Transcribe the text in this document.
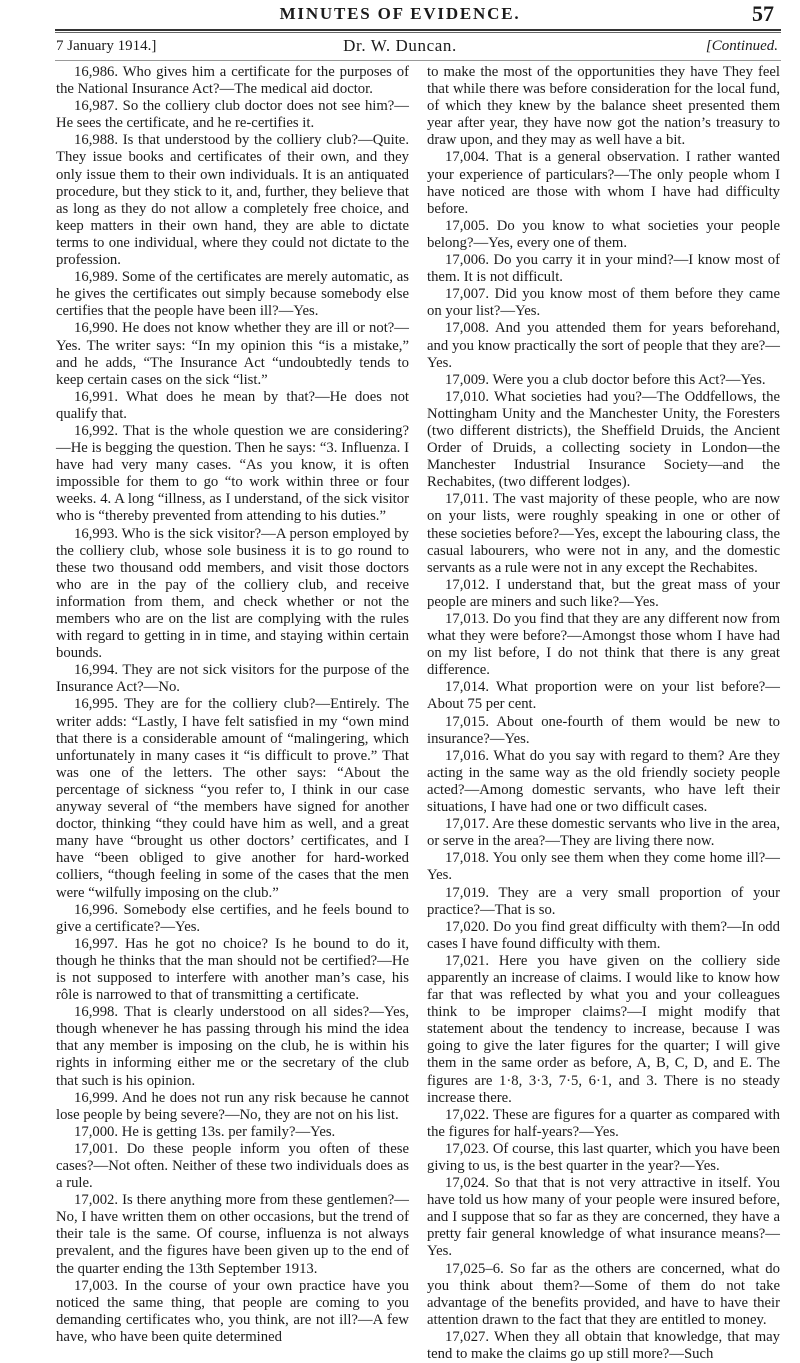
MINUTES OF EVIDENCE.	57
7 January 1914.]	Dr. W. Duncan.	[Continued.

16,986. Who gives him a certificate for the purposes of the National Insurance Act?—The medical aid doctor.

16,987. So the colliery club doctor does not see him?—He sees the certificate, and he re-certifies it.

16,988. Is that understood by the colliery club?—Quite. They issue books and certificates of their own, and they only issue them to their own individuals. It is an antiquated procedure, but they stick to it, and, further, they believe that as long as they do not allow a completely free choice, and keep matters in their own hand, they are able to dictate terms to one individual, where they could not dictate to the profession.

16,989. Some of the certificates are merely automatic, as he gives the certificates out simply because somebody else certifies that the people have been ill?—Yes.

16,990. He does not know whether they are ill or not?—Yes. The writer says: “In my opinion this “is a mistake,” and he adds, “The Insurance Act “undoubtedly tends to keep certain cases on the sick “list.”

16,991. What does he mean by that?—He does not qualify that.

16,992. That is the whole question we are considering?—He is begging the question. Then he says: “3. Influenza. I have had very many cases. “As you know, it is often impossible for them to go “to work within three or four weeks. 4. A long “illness, as I understand, of the sick visitor who is “thereby prevented from attending to his duties.”

16,993. Who is the sick visitor?—A person employed by the colliery club, whose sole business it is to go round to these two thousand odd members, and visit those doctors who are in the pay of the colliery club, and receive information from them, and check whether or not the members who are on the list are complying with the rules with regard to getting in in time, and staying within certain bounds.

16,994. They are not sick visitors for the purpose of the Insurance Act?—No.

16,995. They are for the colliery club?—Entirely. The writer adds: “Lastly, I have felt satisfied in my “own mind that there is a considerable amount of “malingering, which unfortunately in many cases it “is difficult to prove.” That was one of the letters. The other says: “About the percentage of sickness “you refer to, I think in our case anyway several of “the members have signed for another doctor, thinking “they could have him as well, and a great many have “brought us other doctors’ certificates, and I have “been obliged to give another for hard-worked colliers, “though feeling in some of the cases that the men were “wilfully imposing on the club.”

16,996. Somebody else certifies, and he feels bound to give a certificate?—Yes.

16,997. Has he got no choice? Is he bound to do it, though he thinks that the man should not be certified?—He is not supposed to interfere with another man’s case, his rôle is narrowed to that of transmitting a certificate.

16,998. That is clearly understood on all sides?—Yes, though whenever he has passing through his mind the idea that any member is imposing on the club, he is within his rights in informing either me or the secretary of the club that such is his opinion.

16,999. And he does not run any risk because he cannot lose people by being severe?—No, they are not on his list.

17,000. He is getting 13s. per family?—Yes.

17,001. Do these people inform you often of these cases?—Not often. Neither of these two individuals does as a rule.

17,002. Is there anything more from these gentlemen?—No, I have written them on other occasions, but the trend of their tale is the same. Of course, influenza is not always prevalent, and the figures have been given up to the end of the quarter ending the 13th September 1913.

17,003. In the course of your own practice have you noticed the same thing, that people are coming to you demanding certificates who, you think, are not ill?—A few have, who have been quite determined

to make the most of the opportunities they have They feel that while there was before consideration for the local fund, of which they knew by the balance sheet presented them year after year, they have now got the nation’s treasury to draw upon, and they may as well have a bit.

17,004. That is a general observation. I rather wanted your experience of particulars?—The only people whom I have noticed are those with whom I have had difficulty before.

17,005. Do you know to what societies your people belong?—Yes, every one of them.

17,006. Do you carry it in your mind?—I know most of them. It is not difficult.

17,007. Did you know most of them before they came on your list?—Yes.

17,008. And you attended them for years beforehand, and you know practically the sort of people that they are?—Yes.

17,009. Were you a club doctor before this Act?—Yes.

17,010. What societies had you?—The Oddfellows, the Nottingham Unity and the Manchester Unity, the Foresters (two different districts), the Sheffield Druids, the Ancient Order of Druids, a collecting society in London—the Manchester Industrial Insurance Society—and the Rechabites, (two different lodges).

17,011. The vast majority of these people, who are now on your lists, were roughly speaking in one or other of these societies before?—Yes, except the labouring class, the casual labourers, who were not in any, and the domestic servants as a rule were not in any except the Rechabites.

17,012. I understand that, but the great mass of your people are miners and such like?—Yes.

17,013. Do you find that they are any different now from what they were before?—Amongst those whom I have had on my list before, I do not think that there is any great difference.

17,014. What proportion were on your list before?—About 75 per cent.

17,015. About one-fourth of them would be new to insurance?—Yes.

17,016. What do you say with regard to them? Are they acting in the same way as the old friendly society people acted?—Among domestic servants, who have left their situations, I have had one or two difficult cases.

17,017. Are these domestic servants who live in the area, or serve in the area?—They are living there now.

17,018. You only see them when they come home ill?—Yes.

17,019. They are a very small proportion of your practice?—That is so.

17,020. Do you find great difficulty with them?—In odd cases I have found difficulty with them.

17,021. Here you have given on the colliery side apparently an increase of claims. I would like to know how far that was reflected by what you and your colleagues think to be improper claims?—I might modify that statement about the tendency to increase, because I was going to give the later figures for the quarter; I will give them in the same order as before, A, B, C, D, and E. The figures are 1·8, 3·3, 7·5, 6·1, and 3. There is no steady increase there.

17,022. These are figures for a quarter as compared with the figures for half-years?—Yes.

17,023. Of course, this last quarter, which you have been giving to us, is the best quarter in the year?—Yes.

17,024. So that that is not very attractive in itself. You have told us how many of your people were insured before, and I suppose that so far as they are concerned, they have a pretty fair general knowledge of what insurance means?—Yes.

17,025–6. So far as the others are concerned, what do you think about them?—Some of them do not take advantage of the benefits provided, and have to have their attention drawn to the fact that they are entitled to money.

17,027. When they all obtain that knowledge, that may tend to make the claims go up still more?—Such
